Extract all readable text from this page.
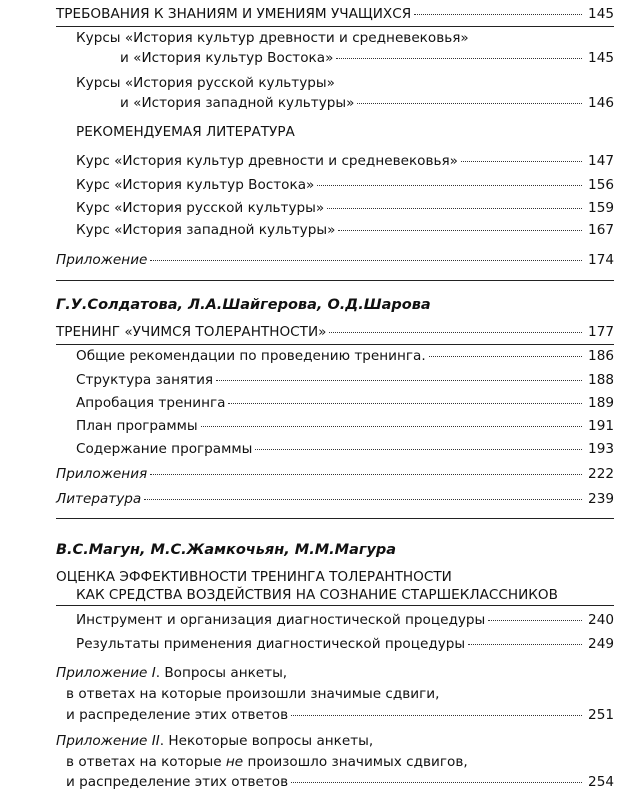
ТРЕБОВАНИЯ К ЗНАНИЯМ И УМЕНИЯМ УЧАЩИХСЯ	145
Курсы «История культур древности и средневековья»
и «История культур Востока»	145
Курсы «История русской культуры»
и «История западной культуры»	146
РЕКОМЕНДУЕМАЯ ЛИТЕРАТУРА
Курс «История культур древности и средневековья»	147
Курс «История культур Востока»	156
Курс «История русской культуры»	159
Курс «История западной культуры»	167
Приложение	174
Г.У.Солдатова, Л.А.Шайгерова, О.Д.Шарова
ТРЕНИНГ «УЧИМСЯ ТОЛЕРАНТНОСТИ»	177
Общие рекомендации по проведению тренинга.	186
Структура занятия	188
Апробация тренинга	189
План программы	191
Содержание программы	193
Приложения	222
Литература	239
В.С.Магун, М.С.Жамкочьян, М.М.Магура
ОЦЕНКА ЭФФЕКТИВНОСТИ ТРЕНИНГА ТОЛЕРАНТНОСТИ
КАК СРЕДСТВА ВОЗДЕЙСТВИЯ НА СОЗНАНИЕ СТАРШЕКЛАССНИКОВ
Инструмент и организация диагностической процедуры	240
Результаты применения диагностической процедуры	249
Приложение I. Вопросы анкеты,
в ответах на которые произошли значимые сдвиги,
и распределение этих ответов	251
Приложение II. Некоторые вопросы анкеты,
в ответах на которые не произошло значимых сдвигов,
и распределение этих ответов	254
